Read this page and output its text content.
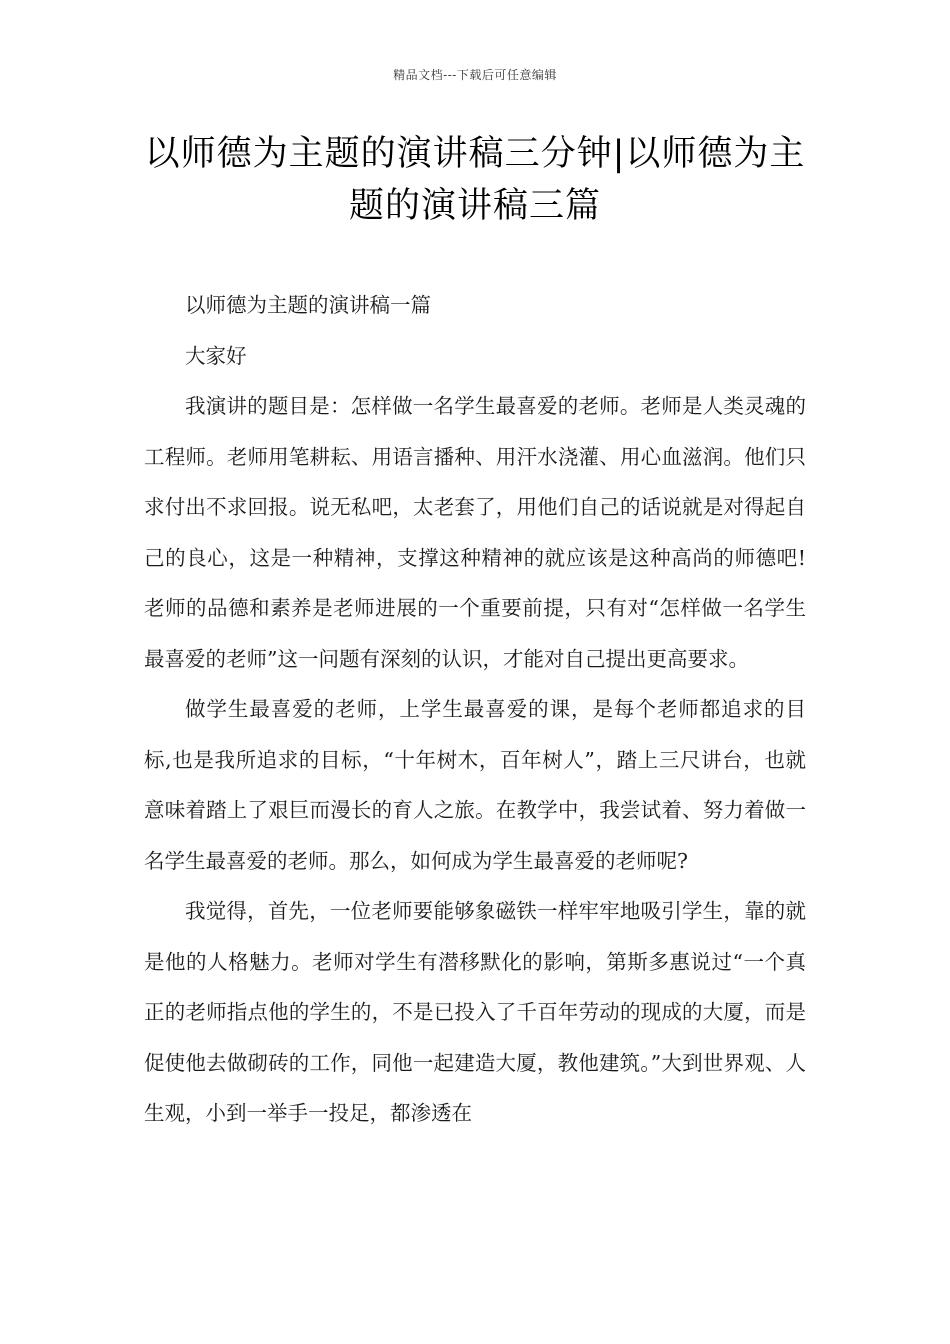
精品文档---下载后可任意编辑
以师德为主题的演讲稿三分钟|以师德为主题的演讲稿三篇

以师德为主题的演讲稿一篇

大家好

我演讲的题目是：怎样做一名学生最喜爱的老师。老师是人类灵魂的工程师。老师用笔耕耘、用语言播种、用汗水浇灌、用心血滋润。他们只求付出不求回报。说无私吧，太老套了，用他们自己的话说就是对得起自己的良心，这是一种精神，支撑这种精神的就应该是这种高尚的师德吧!老师的品德和素养是老师进展的一个重要前提，只有对“怎样做一名学生最喜爱的老师”这一问题有深刻的认识，才能对自己提出更高要求。

做学生最喜爱的老师，上学生最喜爱的课，是每个老师都追求的目标,也是我所追求的目标，“十年树木，百年树人”，踏上三尺讲台，也就意味着踏上了艰巨而漫长的育人之旅。在教学中，我尝试着、努力着做一名学生最喜爱的老师。那么，如何成为学生最喜爱的老师呢?

我觉得，首先，一位老师要能够象磁铁一样牢牢地吸引学生，靠的就是他的人格魅力。老师对学生有潜移默化的影响，第斯多惠说过“一个真正的老师指点他的学生的，不是已投入了千百年劳动的现成的大厦，而是促使他去做砌砖的工作，同他一起建造大厦，教他建筑。”大到世界观、人生观，小到一举手一投足，都渗透在
